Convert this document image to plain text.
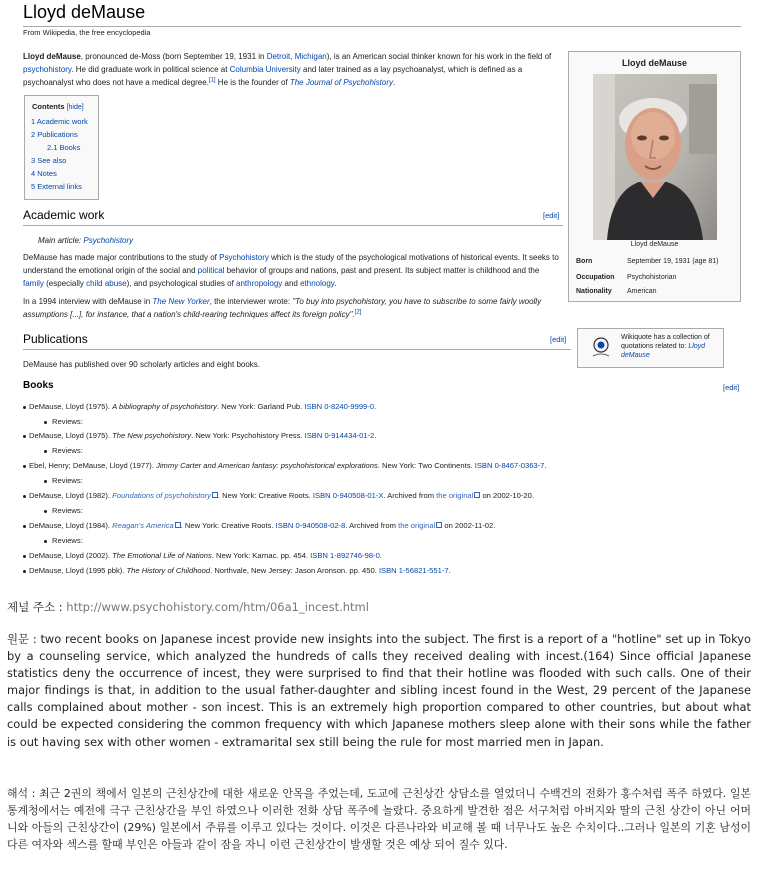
Lloyd deMause
From Wikipedia, the free encyclopedia
Lloyd deMause, pronounced de-Moss (born September 19, 1931 in Detroit, Michigan), is an American social thinker known for his work in the field of psychohistory. He did graduate work in political science at Columbia University and later trained as a lay psychoanalyst, which is defined as a psychoanalyst who does not have a medical degree.[1] He is the founder of The Journal of Psychohistory.
Lloyd deMause
Lloyd deMause
Born	September 19, 1931 (age 81)
Occupation	Psychohistorian
Nationality	American
Contents [hide]
1 Academic work
2 Publications
2.1 Books
3 See also
4 Notes
5 External links
Academic work	[edit]
Main article: Psychohistory
DeMause has made major contributions to the study of Psychohistory which is the study of the psychological motivations of historical events. It seeks to understand the emotional origin of the social and political behavior of groups and nations, past and present. Its subject matter is childhood and the family (especially child abuse), and psychological studies of anthropology and ethnology.
In a 1994 interview with deMause in The New Yorker, the interviewer wrote: "To buy into psychohistory, you have to subscribe to some fairly woolly assumptions [...], for instance, that a nation's child-rearing techniques affect its foreign policy".[2]
Publications	[edit]
DeMause has published over 90 scholarly articles and eight books.
Wikiquote has a collection of quotations related to: Lloyd deMause
Books	[edit]
DeMause, Lloyd (1975). A bibliography of psychohistory. New York: Garland Pub. ISBN 0-8240-9999-0.
Reviews:
DeMause, Lloyd (1975). The New psychohistory. New York: Psychohistory Press. ISBN 0-914434-01-2.
Reviews:
Ebel, Henry; DeMause, Lloyd (1977). Jimmy Carter and American fantasy: psychohistorical explorations. New York: Two Continents. ISBN 0-8467-0363-7.
Reviews:
DeMause, Lloyd (1982). Foundations of psychohistory . New York: Creative Roots. ISBN 0-940508-01-X. Archived from the original on 2002-10-20.
Reviews:
DeMause, Lloyd (1984). Reagan's America . New York: Creative Roots. ISBN 0-940508-02-8. Archived from the original on 2002-11-02.
Reviews:
DeMause, Lloyd (2002). The Emotional Life of Nations. New York: Karnac. pp. 454. ISBN 1-892746-98-0.
DeMause, Lloyd (1995 pbk). The History of Childhood. Northvale, New Jersey: Jason Aronson. pp. 450. ISBN 1-56821-551-7.
제널 주소 : http://www.psychohistory.com/htm/06a1_incest.html
원문 : two recent books on Japanese incest provide new insights into the subject. The first is a report of a "hotline" set up in Tokyo by a counseling service, which analyzed the hundreds of calls they received dealing with incest.(164) Since official Japanese statistics deny the occurrence of incest, they were surprised to find that their hotline was flooded with such calls. One of their major findings is that, in addition to the usual father-daughter and sibling incest found in the West, 29 percent of the Japanese calls complained about mother - son incest. This is an extremely high proportion compared to other countries, but about what could be expected considering the common frequency with which Japanese mothers sleep alone with their sons while the father is out having sex with other women - extramarital sex still being the rule for most married men in Japan.
해석 : 최근 2권의 책에서 일본의 근친상간에 대한 새로운 안목을 주었는데, 도교에 근친상간 상담소를 열었더니 수백건의 전화가 홍수처럼 폭주 하였다. 일본 통계청에서는 예전에 극구 근친상간을 부인 하였으나 이러한 전화 상담 폭주에 놀랐다. 중요하게 발견한 점은 서구처럼 아버지와 딸의 근친 상간이 아닌 어머니와 아들의 근친상간이 (29%) 일본에서 주류를 이루고 있다는 것이다. 이것은 다른나라와 비교해 볼 때 너무나도 높은 수치이다..그러나 일본의 기혼 남성이 다른 여자와 섹스를 할때 부인은 아들과 같이 잠을 자니 이런 근친상간이 발생할 것은 예상 되어 질수 있다.
